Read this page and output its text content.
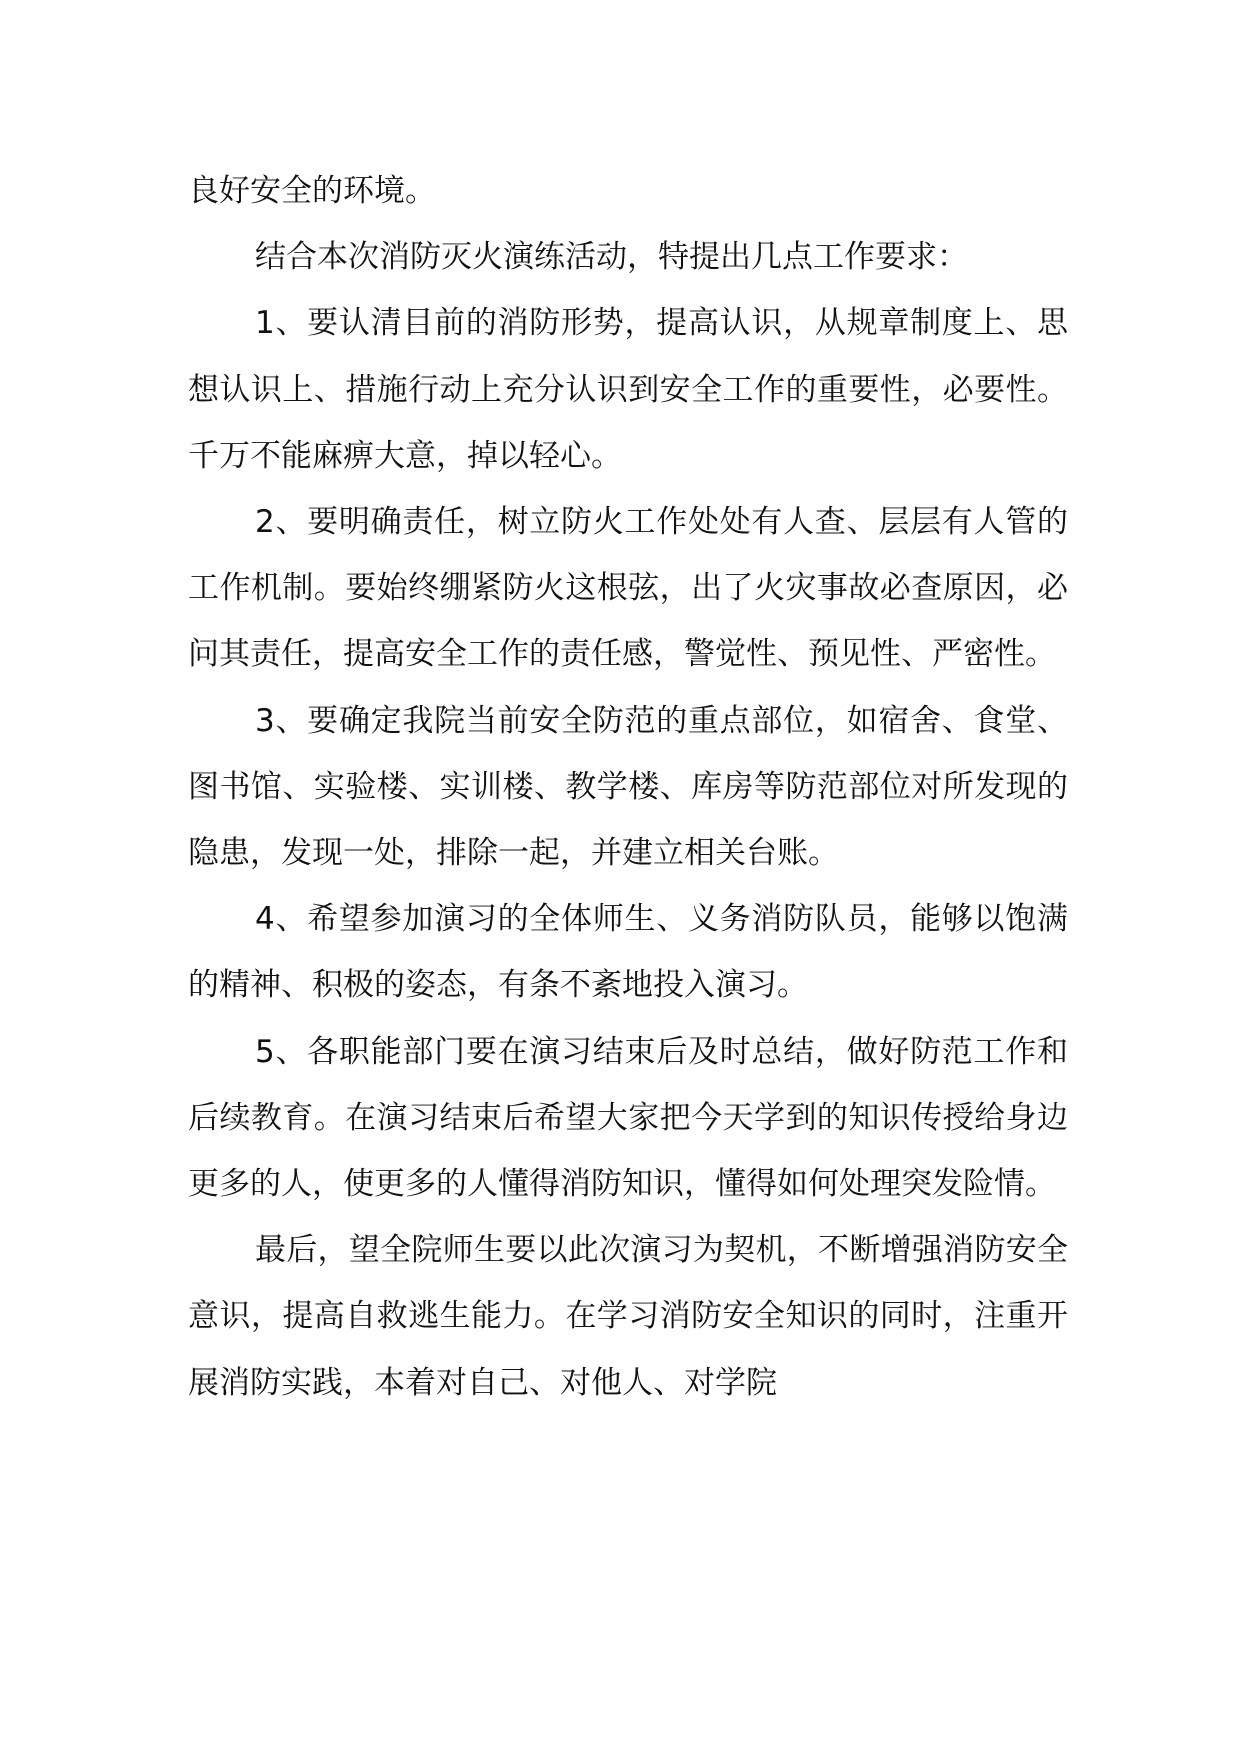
良好安全的环境。

结合本次消防灭火演练活动，特提出几点工作要求：

1、要认清目前的消防形势，提高认识，从规章制度上、思想认识上、措施行动上充分认识到安全工作的重要性，必要性。千万不能麻痹大意，掉以轻心。

2、要明确责任，树立防火工作处处有人查、层层有人管的工作机制。要始终绷紧防火这根弦，出了火灾事故必查原因，必问其责任，提高安全工作的责任感，警觉性、预见性、严密性。

3、要确定我院当前安全防范的重点部位，如宿舍、食堂、图书馆、实验楼、实训楼、教学楼、库房等防范部位对所发现的隐患，发现一处，排除一起，并建立相关台账。

4、希望参加演习的全体师生、义务消防队员，能够以饱满的精神、积极的姿态，有条不紊地投入演习。

5、各职能部门要在演习结束后及时总结，做好防范工作和后续教育。在演习结束后希望大家把今天学到的知识传授给身边更多的人，使更多的人懂得消防知识，懂得如何处理突发险情。

最后，望全院师生要以此次演习为契机，不断增强消防安全意识，提高自救逃生能力。在学习消防安全知识的同时，注重开展消防实践，本着对自己、对他人、对学院
